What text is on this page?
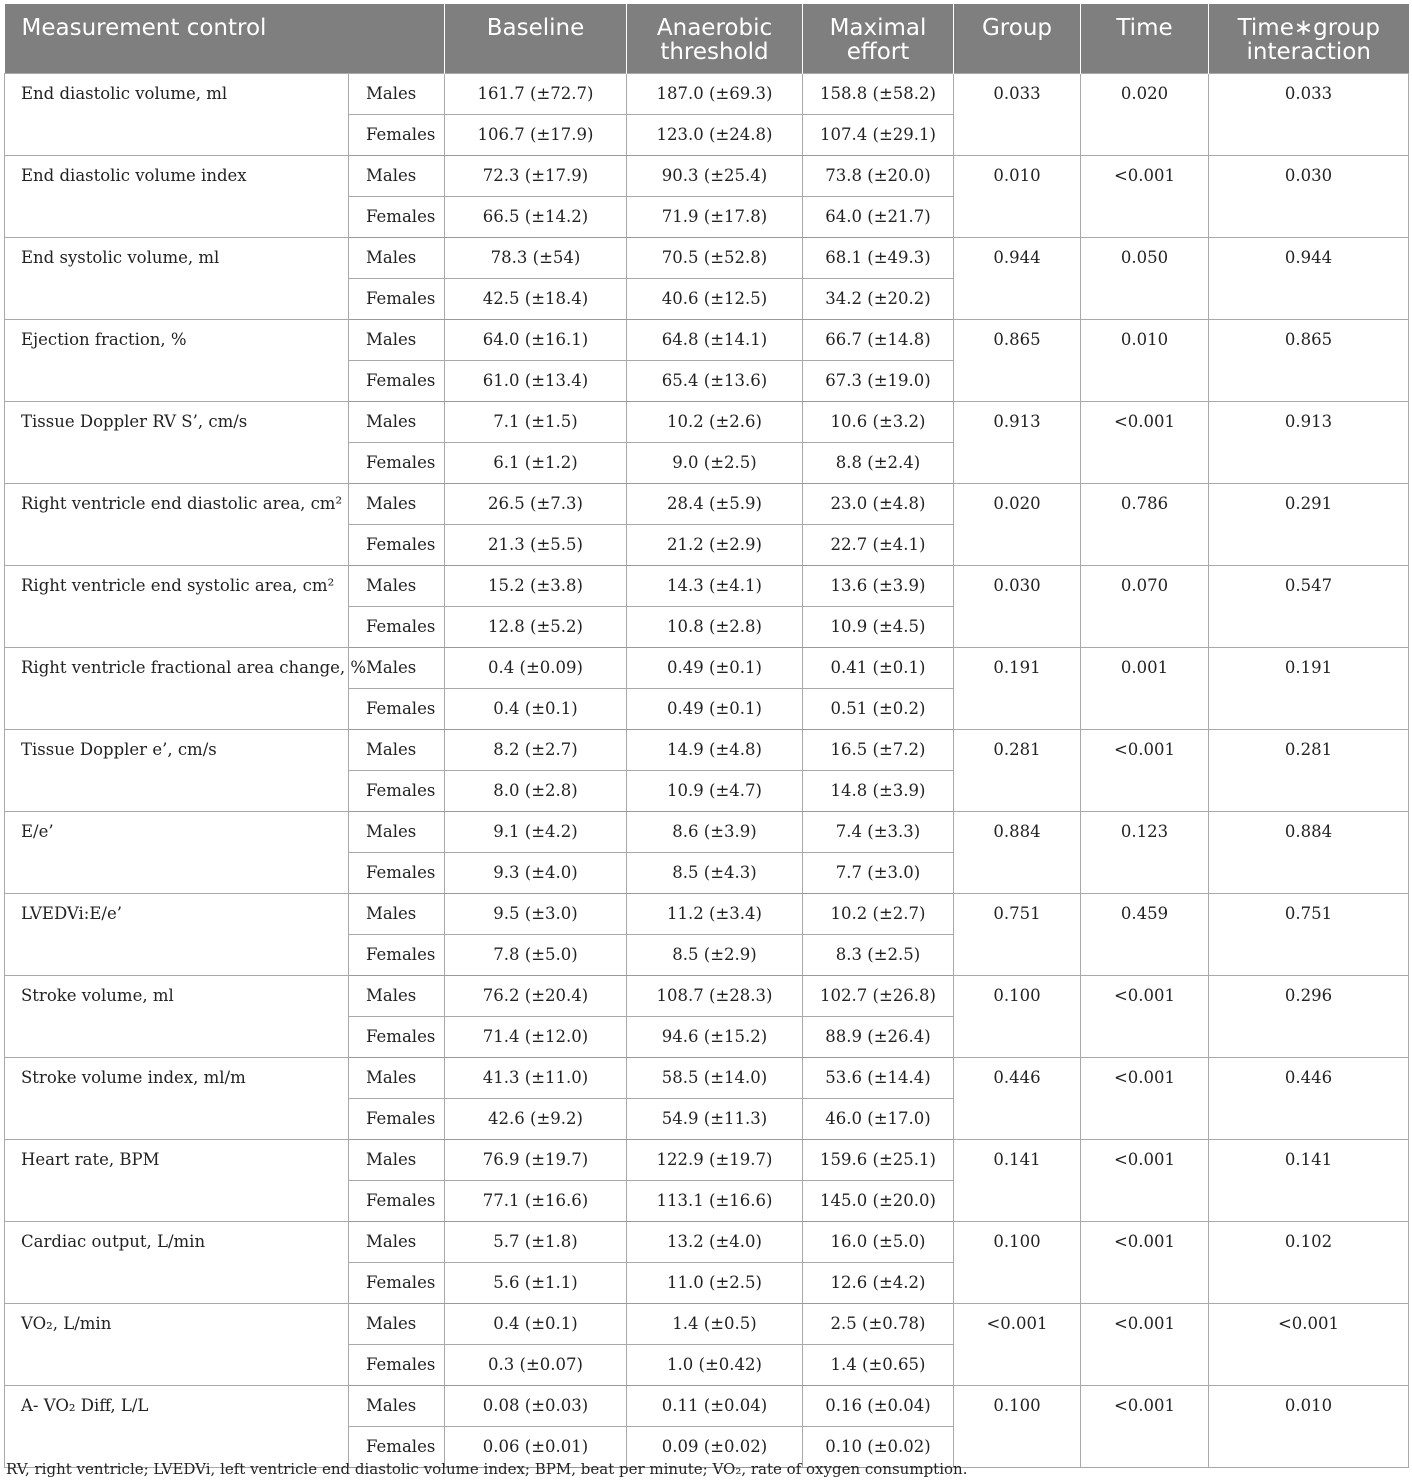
Measurement control		Baseline	Anaerobic threshold	Maximal effort	Group	Time	Time∗group interaction
End diastolic volume, ml	Males	161.7 (±72.7)	187.0 (±69.3)	158.8 (±58.2)	0.033	0.020	0.033
	Females	106.7 (±17.9)	123.0 (±24.8)	107.4 (±29.1)			
End diastolic volume index	Males	72.3 (±17.9)	90.3 (±25.4)	73.8 (±20.0)	0.010	<0.001	0.030
	Females	66.5 (±14.2)	71.9 (±17.8)	64.0 (±21.7)			
End systolic volume, ml	Males	78.3 (±54)	70.5 (±52.8)	68.1 (±49.3)	0.944	0.050	0.944
	Females	42.5 (±18.4)	40.6 (±12.5)	34.2 (±20.2)			
Ejection fraction, %	Males	64.0 (±16.1)	64.8 (±14.1)	66.7 (±14.8)	0.865	0.010	0.865
	Females	61.0 (±13.4)	65.4 (±13.6)	67.3 (±19.0)			
Tissue Doppler RV S’, cm/s	Males	7.1 (±1.5)	10.2 (±2.6)	10.6 (±3.2)	0.913	<0.001	0.913
	Females	6.1 (±1.2)	9.0 (±2.5)	8.8 (±2.4)			
Right ventricle end diastolic area, cm²	Males	26.5 (±7.3)	28.4 (±5.9)	23.0 (±4.8)	0.020	0.786	0.291
	Females	21.3 (±5.5)	21.2 (±2.9)	22.7 (±4.1)			
Right ventricle end systolic area, cm²	Males	15.2 (±3.8)	14.3 (±4.1)	13.6 (±3.9)	0.030	0.070	0.547
	Females	12.8 (±5.2)	10.8 (±2.8)	10.9 (±4.5)			
Right ventricle fractional area change, %	Males	0.4 (±0.09)	0.49 (±0.1)	0.41 (±0.1)	0.191	0.001	0.191
	Females	0.4 (±0.1)	0.49 (±0.1)	0.51 (±0.2)			
Tissue Doppler e’, cm/s	Males	8.2 (±2.7)	14.9 (±4.8)	16.5 (±7.2)	0.281	<0.001	0.281
	Females	8.0 (±2.8)	10.9 (±4.7)	14.8 (±3.9)			
E/e’	Males	9.1 (±4.2)	8.6 (±3.9)	7.4 (±3.3)	0.884	0.123	0.884
	Females	9.3 (±4.0)	8.5 (±4.3)	7.7 (±3.0)			
LVEDVi:E/e’	Males	9.5 (±3.0)	11.2 (±3.4)	10.2 (±2.7)	0.751	0.459	0.751
	Females	7.8 (±5.0)	8.5 (±2.9)	8.3 (±2.5)			
Stroke volume, ml	Males	76.2 (±20.4)	108.7 (±28.3)	102.7 (±26.8)	0.100	<0.001	0.296
	Females	71.4 (±12.0)	94.6 (±15.2)	88.9 (±26.4)			
Stroke volume index, ml/m	Males	41.3 (±11.0)	58.5 (±14.0)	53.6 (±14.4)	0.446	<0.001	0.446
	Females	42.6 (±9.2)	54.9 (±11.3)	46.0 (±17.0)			
Heart rate, BPM	Males	76.9 (±19.7)	122.9 (±19.7)	159.6 (±25.1)	0.141	<0.001	0.141
	Females	77.1 (±16.6)	113.1 (±16.6)	145.0 (±20.0)			
Cardiac output, L/min	Males	5.7 (±1.8)	13.2 (±4.0)	16.0 (±5.0)	0.100	<0.001	0.102
	Females	5.6 (±1.1)	11.0 (±2.5)	12.6 (±4.2)			
VO₂, L/min	Males	0.4 (±0.1)	1.4 (±0.5)	2.5 (±0.78)	<0.001	<0.001	<0.001
	Females	0.3 (±0.07)	1.0 (±0.42)	1.4 (±0.65)			
A- VO₂ Diff, L/L	Males	0.08 (±0.03)	0.11 (±0.04)	0.16 (±0.04)	0.100	<0.001	0.010
	Females	0.06 (±0.01)	0.09 (±0.02)	0.10 (±0.02)			
RV, right ventricle; LVEDVi, left ventricle end diastolic volume index; BPM, beat per minute; VO₂, rate of oxygen consumption.
